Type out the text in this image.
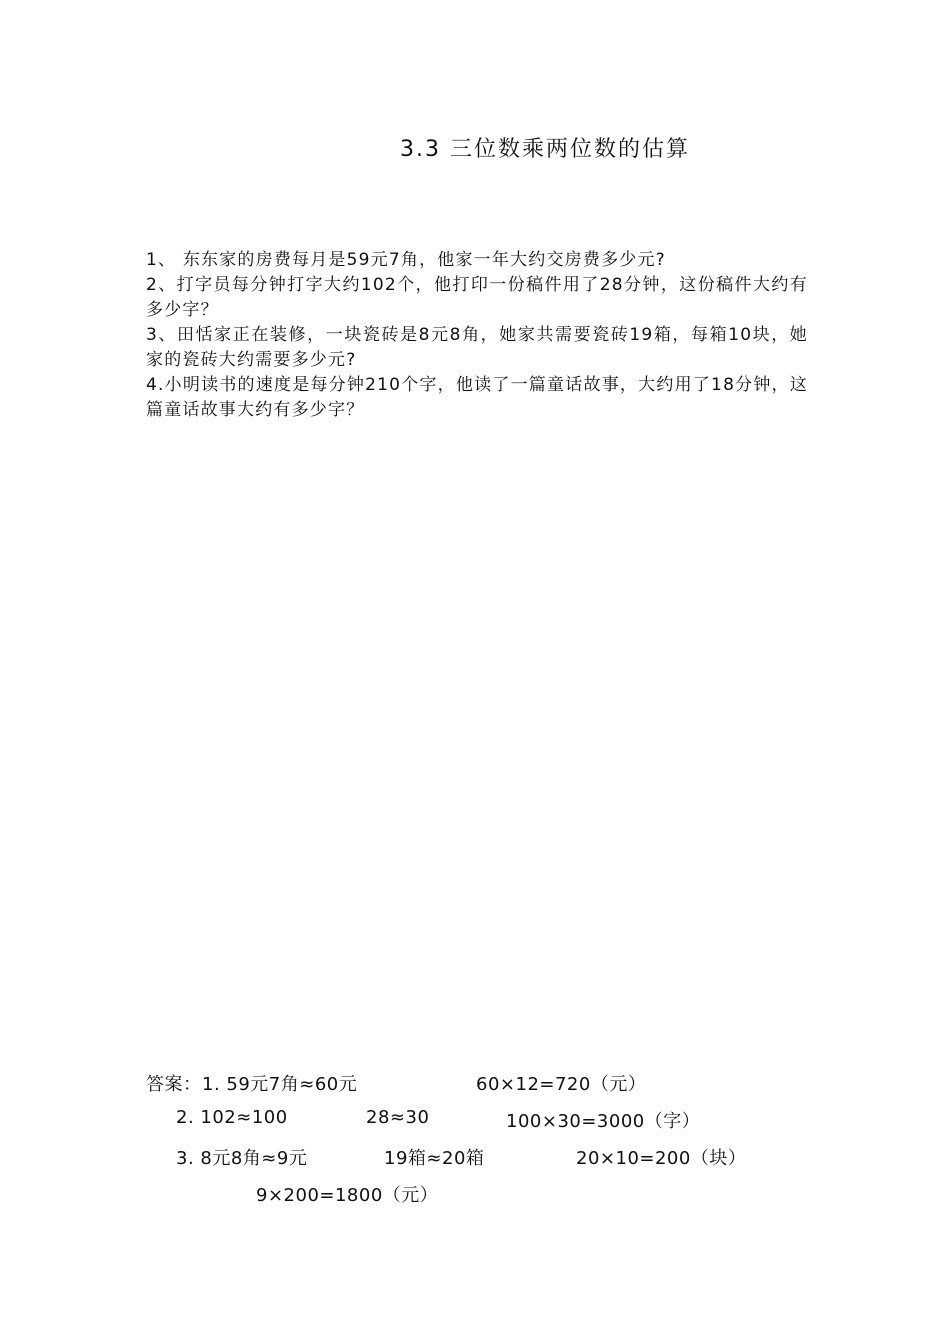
3.3 三位数乘两位数的估算

1、 东东家的房费每月是59元7角，他家一年大约交房费多少元?

2、打字员每分钟打字大约102个，他打印一份稿件用了28分钟，这份稿件大约有多少字？

3、田恬家正在装修，一块瓷砖是8元8角，她家共需要瓷砖19箱，每箱10块，她家的瓷砖大约需要多少元?

4.小明读书的速度是每分钟210个字，他读了一篇童话故事，大约用了18分钟，这篇童话故事大约有多少字？

答案： 1. 59元7角≈60元	60×12=720（元）
2. 102≈100	28≈30	100×30=3000（字）
3. 8元8角≈9元	19箱≈20箱	20×10=200（块）
9×200=1800（元）
